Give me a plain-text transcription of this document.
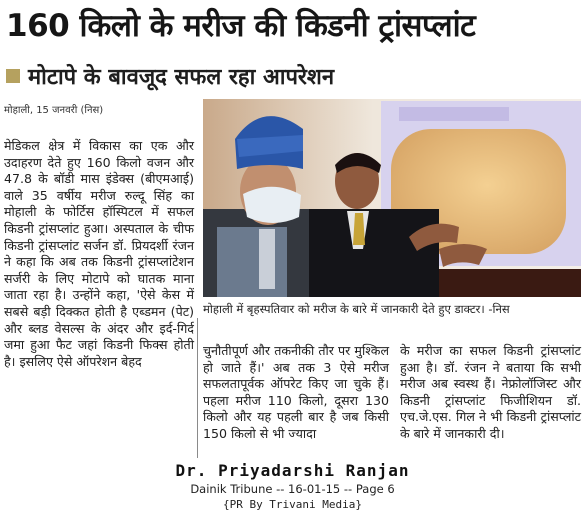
160 किलो के मरीज की किडनी ट्रांसप्लांट
मोटापे के बावजूद सफल रहा आपरेशन
मोहाली, 15 जनवरी (निस)
मोहाली में बृहस्पतिवार को मरीज के बारे में जानकारी देते हुए डाक्टर। -निस

मेडिकल क्षेत्र में विकास का एक और उदाहरण देते हुए 160 किलो वजन और 47.8 के बॉडी मास इंडेक्स (बीएमआई) वाले 35 वर्षीय मरीज रुल्दू सिंह का मोहाली के फोर्टिस हॉस्पिटल में सफल किडनी ट्रांसप्लांट हुआ। अस्पताल के चीफ किडनी ट्रांसप्लांट सर्जन डॉ. प्रियदर्शी रंजन ने कहा कि अब तक किडनी ट्रांसप्लांटेशन सर्जरी के लिए मोटापे को घातक माना जाता रहा है। उन्होंने कहा, 'ऐसे केस में सबसे बड़ी दिक्कत होती है एब्डमन (पेट) और ब्लड वेसल्स के अंदर और इर्द-गिर्द जमा हुआ फैट जहां किडनी फिक्स होती है। इसलिए ऐसे ऑपरेशन बेहद

चुनौतीपूर्ण और तकनीकी तौर पर मुश्किल हो जाते हैं।' अब तक 3 ऐसे मरीज सफलतापूर्वक ऑपरेट किए जा चुके हैं। पहला मरीज 110 किलो, दूसरा 130 किलो और यह पहली बार है जब किसी 150 किलो से भी ज्यादा

के मरीज का सफल किडनी ट्रांसप्लांट हुआ है। डॉ. रंजन ने बताया कि सभी मरीज अब स्वस्थ हैं। नेफ्रोलॉजिस्ट और किडनी ट्रांसप्लांट फिजीशियन डॉ. एच.जे.एस. गिल ने भी किडनी ट्रांसप्लांट के बारे में जानकारी दी।

Dr. Priyadarshi Ranjan
Dainik Tribune -- 16-01-15 -- Page 6
{PR By Trivani Media}
